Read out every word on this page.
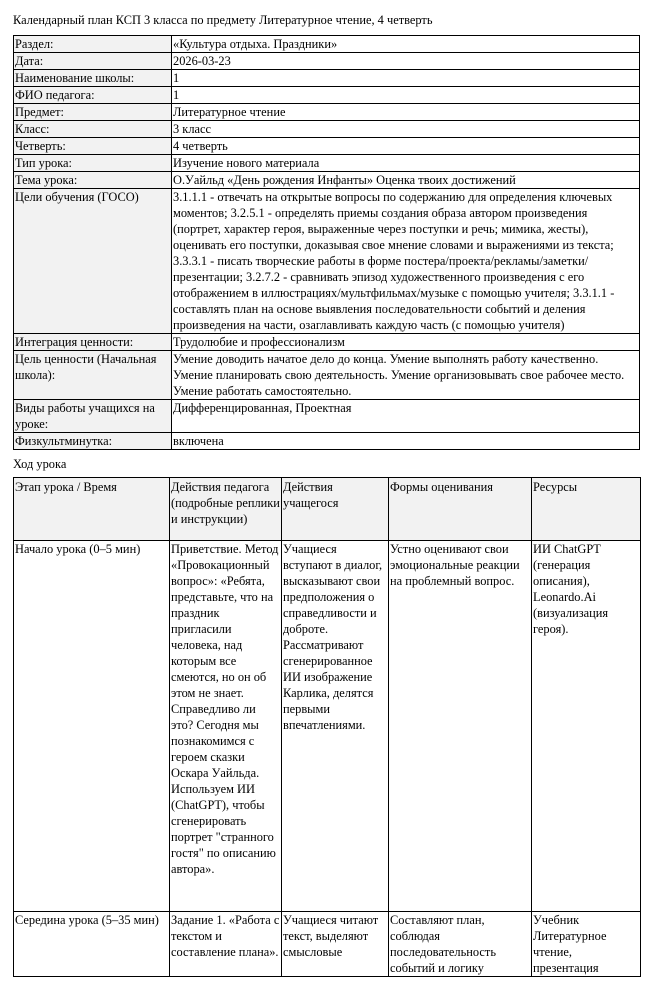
Календарный план КСП 3 класса по предмету Литературное чтение, 4 четверть
Раздел:	«Культура отдыха. Праздники»
Дата:	2026-03-23
Наименование школы:	1
ФИО педагога:	1
Предмет:	Литературное чтение
Класс:	3 класс
Четверть:	4 четверть
Тип урока:	Изучение нового материала
Тема урока:	О.Уайльд «День рождения Инфанты» Оценка твоих достижений
Цели обучения (ГОСО)	3.1.1.1 - отвечать на открытые вопросы по содержанию для определения ключевых моментов; 3.2.5.1 - определять приемы создания образа автором произведения (портрет, характер героя, выраженные через поступки и речь; мимика, жесты), оценивать его поступки, доказывая свое мнение словами и выражениями из текста; 3.3.3.1 - писать творческие работы в форме постера/проекта/рекламы/заметки/презентации; 3.2.7.2 - сравнивать эпизод художественного произведения с его отображением в иллюстрациях/мультфильмах/музыке с помощью учителя; 3.3.1.1 - составлять план на основе выявления последовательности событий и деления произведения на части, озаглавливать каждую часть (с помощью учителя)
Интеграция ценности:	Трудолюбие и профессионализм
Цель ценности (Начальная школа):	Умение доводить начатое дело до конца. Умение выполнять работу качественно. Умение планировать свою деятельность. Умение организовывать свое рабочее место. Умение работать самостоятельно.
Виды работы учащихся на уроке:	Дифференцированная, Проектная
Физкультминутка:	включена
Ход урока
Этап урока / Время	Действия педагога (подробные реплики и инструкции)	Действия учащегося	Формы оценивания	Ресурсы
Начало урока (0–5 мин)	Приветствие. Метод «Провокационный вопрос»: «Ребята, представьте, что на праздник пригласили человека, над которым все смеются, но он об этом не знает. Справедливо ли это? Сегодня мы познакомимся с героем сказки Оскара Уайльда. Используем ИИ (ChatGPT), чтобы сгенерировать портрет "странного гостя" по описанию автора».	Учащиеся вступают в диалог, высказывают свои предположения о справедливости и доброте. Рассматривают сгенерированное ИИ изображение Карлика, делятся первыми впечатлениями.	Устно оценивают свои эмоциональные реакции на проблемный вопрос.	ИИ ChatGPT (генерация описания), Leonardo.Ai (визуализация героя).
Середина урока (5–35 мин)	Задание 1. «Работа с текстом и составление плана».	Учащиеся читают текст, выделяют смысловые	Составляют план, соблюдая последовательность событий и логику	Учебник Литературное чтение, презентация
